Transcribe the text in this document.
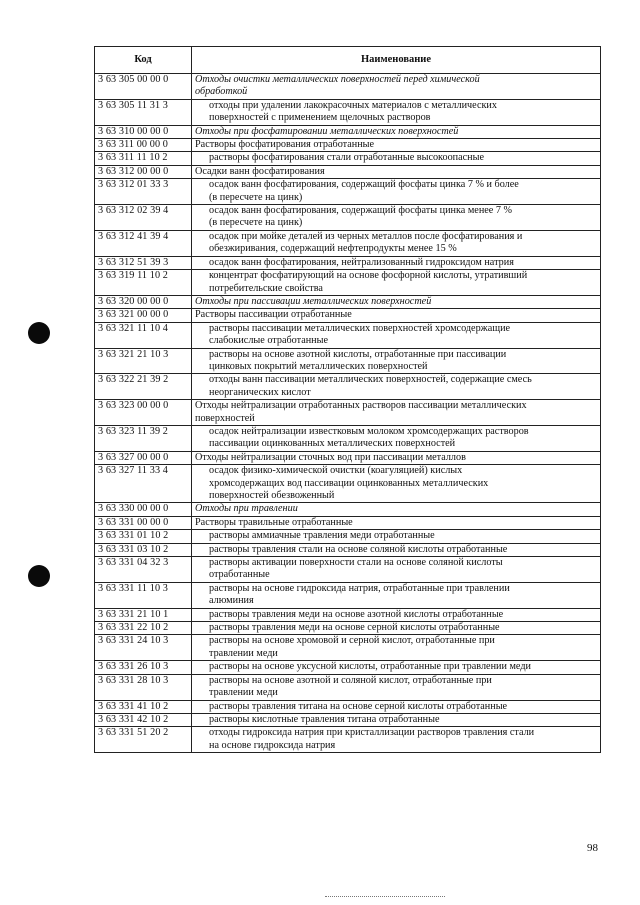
Код	Наименование
3 63 305 00 00 0	Отходы очистки металлических поверхностей перед химической
обработкой

3 63 305 11 31 3	отходы при удалении лакокрасочных материалов с металлических
поверхностей с применением щелочных растворов

3 63 310 00 00 0	Отходы при фосфатировании металлических поверхностей

3 63 311 00 00 0	Растворы фосфатирования отработанные

3 63 311 11 10 2	растворы фосфатирования стали отработанные высокоопасные

3 63 312 00 00 0	Осадки ванн фосфатирования

3 63 312 01 33 3	осадок ванн фосфатирования, содержащий фосфаты цинка 7 % и более
(в пересчете на цинк)

3 63 312 02 39 4	осадок ванн фосфатирования, содержащий фосфаты цинка менее 7 %
(в пересчете на цинк)

3 63 312 41 39 4	осадок при мойке деталей из черных металлов после фосфатирования и
обезжиривания, содержащий нефтепродукты менее 15 %

3 63 312 51 39 3	осадок ванн фосфатирования, нейтрализованный гидроксидом натрия

3 63 319 11 10 2	концентрат фосфатирующий на основе фосфорной кислоты, утративший
потребительские свойства

3 63 320 00 00 0	Отходы при пассивации металлических поверхностей

3 63 321 00 00 0	Растворы пассивации отработанные

3 63 321 11 10 4	растворы пассивации металлических поверхностей хромсодержащие
слабокислые отработанные

3 63 321 21 10 3	растворы на основе азотной кислоты, отработанные при пассивации
цинковых покрытий металлических поверхностей

3 63 322 21 39 2	отходы ванн пассивации металлических поверхностей, содержащие смесь
неорганических кислот

3 63 323 00 00 0	Отходы нейтрализации отработанных растворов пассивации металлических
поверхностей

3 63 323 11 39 2	осадок нейтрализации известковым молоком хромсодержащих растворов
пассивации оцинкованных металлических поверхностей

3 63 327 00 00 0	Отходы нейтрализации сточных вод при пассивации металлов

3 63 327 11 33 4	осадок физико-химической очистки (коагуляцией) кислых
хромсодержащих вод пассивации оцинкованных металлических
поверхностей обезвоженный

3 63 330 00 00 0	Отходы при травлении

3 63 331 00 00 0	Растворы травильные отработанные

3 63 331 01 10 2	растворы аммиачные травления меди отработанные

3 63 331 03 10 2	растворы травления стали на основе соляной кислоты отработанные

3 63 331 04 32 3	растворы активации поверхности стали на основе соляной кислоты
отработанные

3 63 331 11 10 3	растворы на основе гидроксида натрия, отработанные при травлении
алюминия

3 63 331 21 10 1	растворы травления меди на основе азотной кислоты отработанные

3 63 331 22 10 2	растворы травления меди на основе серной кислоты отработанные

3 63 331 24 10 3	растворы на основе хромовой и серной кислот, отработанные при
травлении меди

3 63 331 26 10 3	растворы на основе уксусной кислоты, отработанные при травлении меди

3 63 331 28 10 3	растворы на основе азотной и соляной кислот, отработанные при
травлении меди

3 63 331 41 10 2	растворы травления титана на основе серной кислоты отработанные

3 63 331 42 10 2	растворы кислотные травления титана отработанные

3 63 331 51 20 2	отходы гидроксида натрия при кристаллизации растворов травления стали
на основе гидроксида натрия
98
